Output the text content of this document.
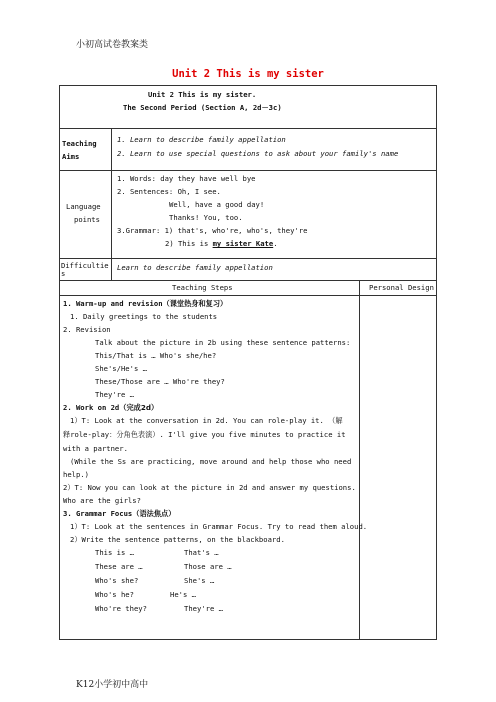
小初高试卷教案类
Unit 2 This is my sister
Unit 2 This is my sister.
The Second Period (Section A, 2d－3c)
Teaching Aims
1. Learn to describe family appellation
2. Learn to use special questions to ask about your family's name
Language
points
1. Words: day they have well bye
2. Sentences: Oh, I see.
Well, have a good day!
Thanks! You, too.
3.Grammar: 1) that's, who're, who's, they're
2) This is my sister Kate.
Difficultie
s
Learn to describe family appellation
Teaching Steps	Personal Design
1. Warm-up and revision（课堂热身和复习）
1. Daily greetings to the students
2. Revision
Talk about the picture in 2b using these sentence patterns:
This/That is … Who's she/he?
She's/He's …
These/Those are … Who're they?
They're …
2. Work on 2d（完成2d）
1）T: Look at the conversation in 2d. You can role-play it. （解
释role-play：分角色表演）. I'll give you five minutes to practice it
with a partner.
(While the Ss are practicing, move around and help those who need
help.)
2）T: Now you can look at the picture in 2d and answer my questions.
Who are the girls?
3. Grammar Focus（语法焦点）
1）T: Look at the sentences in Grammar Focus. Try to read them aloud.
2）Write the sentence patterns, on the blackboard.
This is …	That's …
These are …	Those are …
Who's she?	She's …
Who's he?	He's …
Who're they?	They're …
K12小学初中高中
